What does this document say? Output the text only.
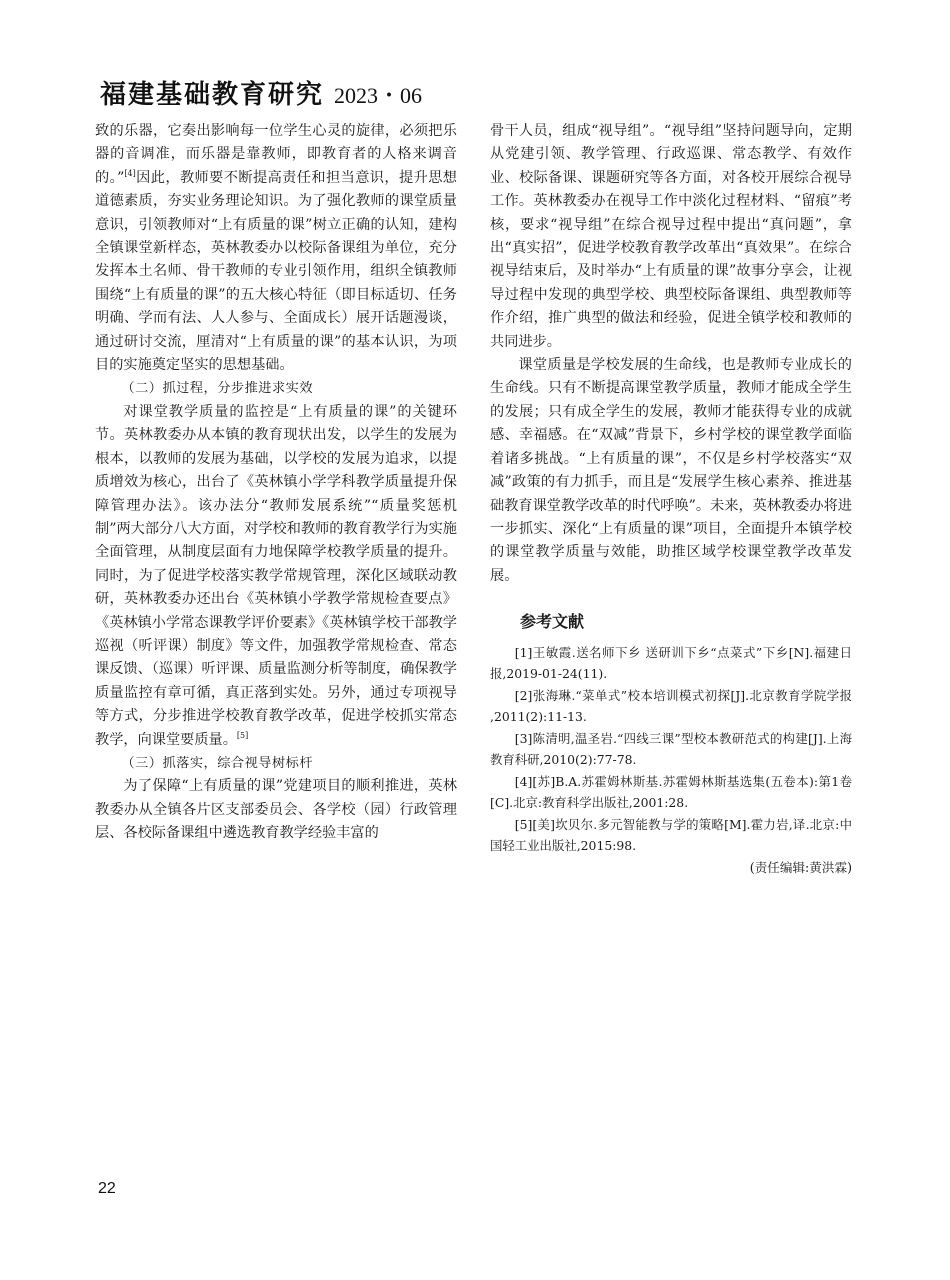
福建基础教育研究 2023・06

致的乐器，它奏出影响每一位学生心灵的旋律，必须把乐器的音调准，而乐器是靠教师，即教育者的人格来调音的。”[4]因此，教师要不断提高责任和担当意识，提升思想道德素质，夯实业务理论知识。为了强化教师的课堂质量意识，引领教师对“上有质量的课”树立正确的认知，建构全镇课堂新样态，英林教委办以校际备课组为单位，充分发挥本土名师、骨干教师的专业引领作用，组织全镇教师围绕“上有质量的课”的五大核心特征（即目标适切、任务明确、学而有法、人人参与、全面成长）展开话题漫谈，通过研讨交流，厘清对“上有质量的课”的基本认识，为项目的实施奠定坚实的思想基础。

（二）抓过程，分步推进求实效

对课堂教学质量的监控是“上有质量的课”的关键环节。英林教委办从本镇的教育现状出发，以学生的发展为根本，以教师的发展为基础，以学校的发展为追求，以提质增效为核心，出台了《英林镇小学学科教学质量提升保障管理办法》。该办法分“教师发展系统”“质量奖惩机制”两大部分八大方面，对学校和教师的教育教学行为实施全面管理，从制度层面有力地保障学校教学质量的提升。同时，为了促进学校落实教学常规管理，深化区域联动教研，英林教委办还出台《英林镇小学教学常规检查要点》《英林镇小学常态课教学评价要素》《英林镇学校干部教学巡视（听评课）制度》等文件，加强教学常规检查、常态课反馈、（巡课）听评课、质量监测分析等制度，确保教学质量监控有章可循，真正落到实处。另外，通过专项视导等方式，分步推进学校教育教学改革，促进学校抓实常态教学，向课堂要质量。[5]

（三）抓落实，综合视导树标杆

为了保障“上有质量的课”党建项目的顺利推进，英林教委办从全镇各片区支部委员会、各学校（园）行政管理层、各校际备课组中遴选教育教学经验丰富的

骨干人员，组成“视导组”。“视导组”坚持问题导向，定期从党建引领、教学管理、行政巡课、常态教学、有效作业、校际备课、课题研究等各方面，对各校开展综合视导工作。英林教委办在视导工作中淡化过程材料、“留痕”考核，要求“视导组”在综合视导过程中提出“真问题”，拿出“真实招”，促进学校教育教学改革出“真效果”。在综合视导结束后，及时举办“上有质量的课”故事分享会，让视导过程中发现的典型学校、典型校际备课组、典型教师等作介绍，推广典型的做法和经验，促进全镇学校和教师的共同进步。

课堂质量是学校发展的生命线，也是教师专业成长的生命线。只有不断提高课堂教学质量，教师才能成全学生的发展；只有成全学生的发展，教师才能获得专业的成就感、幸福感。在“双减”背景下，乡村学校的课堂教学面临着诸多挑战。“上有质量的课”，不仅是乡村学校落实“双减”政策的有力抓手，而且是“发展学生核心素养、推进基础教育课堂教学改革的时代呼唤”。未来，英林教委办将进一步抓实、深化“上有质量的课”项目，全面提升本镇学校的课堂教学质量与效能，助推区域学校课堂教学改革发展。

参考文献

[1]王敏霞.送名师下乡 送研训下乡“点菜式”下乡[N].福建日报,2019-01-24(11).

[2]张海琳.“菜单式”校本培训模式初探[J].北京教育学院学报 ,2011(2):11-13.

[3]陈清明,温圣岩.“四线三课”型校本教研范式的构建[J].上海教育科研,2010(2):77-78.

[4][苏]B.A.苏霍姆林斯基.苏霍姆林斯基选集(五卷本):第1卷[C].北京:教育科学出版社,2001:28.

[5][美]坎贝尔.多元智能教与学的策略[M].霍力岩,译.北京:中国轻工业出版社,2015:98.

(责任编辑:黄洪霖)

22
